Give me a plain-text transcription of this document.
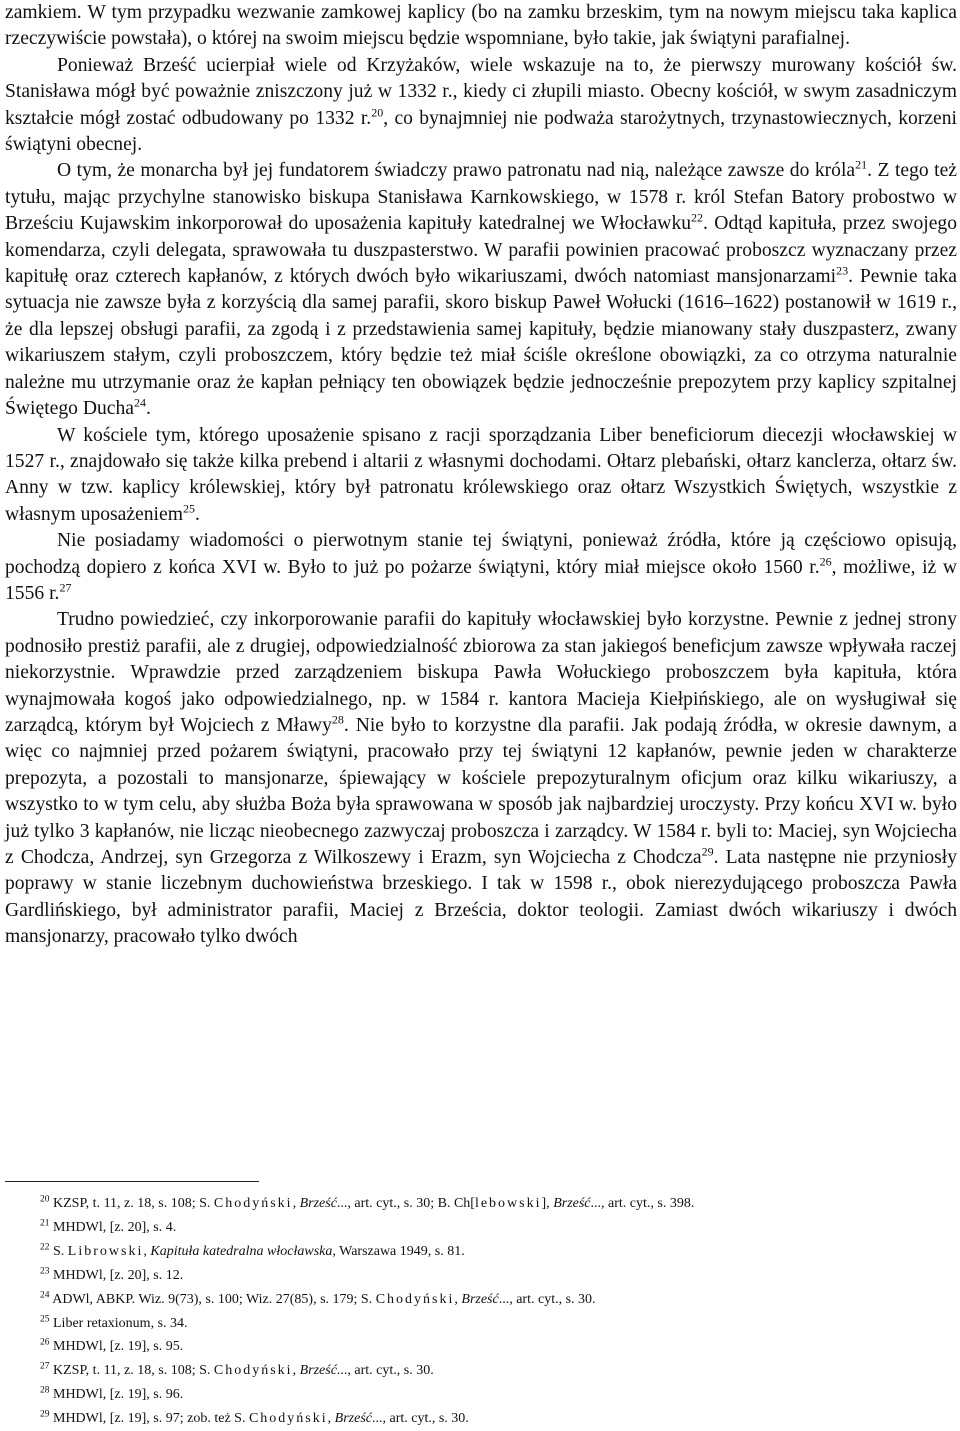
zamkiem. W tym przypadku wezwanie zamkowej kaplicy (bo na zamku brzeskim, tym na nowym miejscu taka kaplica rzeczywiście powstała), o której na swoim miejscu będzie wspomniane, było takie, jak świątyni parafialnej.

Ponieważ Brześć ucierpiał wiele od Krzyżaków, wiele wskazuje na to, że pierwszy murowany kościół św. Stanisława mógł być poważnie zniszczony już w 1332 r., kiedy ci złupili miasto. Obecny kościół, w swym zasadniczym kształcie mógł zostać odbudowany po 1332 r.$^{20}$, co bynajmniej nie podważa starożytnych, trzynastowiecznych, korzeni świątyni obecnej.

O tym, że monarcha był jej fundatorem świadczy prawo patronatu nad nią, należące zawsze do króla$^{21}$. Z tego też tytułu, mając przychylne stanowisko biskupa Stanisława Karnkowskiego, w 1578 r. król Stefan Batory probostwo w Brześciu Kujawskim inkorporował do uposażenia kapituły katedralnej we Włocławku$^{22}$. Odtąd kapituła, przez swojego komendarza, czyli delegata, sprawowała tu duszpasterstwo. W parafii powinien pracować proboszcz wyznaczany przez kapitułę oraz czterech kapłanów, z których dwóch było wikariuszami, dwóch natomiast mansjonarzami$^{23}$. Pewnie taka sytuacja nie zawsze była z korzyścią dla samej parafii, skoro biskup Paweł Wołucki (1616–1622) postanowił w 1619 r., że dla lepszej obsługi parafii, za zgodą i z przedstawienia samej kapituły, będzie mianowany stały duszpasterz, zwany wikariuszem stałym, czyli proboszczem, który będzie też miał ściśle określone obowiązki, za co otrzyma naturalnie należne mu utrzymanie oraz że kapłan pełniący ten obowiązek będzie jednocześnie prepozytem przy kaplicy szpitalnej Świętego Ducha$^{24}$.

W kościele tym, którego uposażenie spisano z racji sporządzania Liber beneficiorum diecezji włocławskiej w 1527 r., znajdowało się także kilka prebend i altarii z własnymi dochodami. Ołtarz plebański, ołtarz kanclerza, ołtarz św. Anny w tzw. kaplicy królewskiej, który był patronatu królewskiego oraz ołtarz Wszystkich Świętych, wszystkie z własnym uposażeniem$^{25}$.

Nie posiadamy wiadomości o pierwotnym stanie tej świątyni, ponieważ źródła, które ją częściowo opisują, pochodzą dopiero z końca XVI w. Było to już po pożarze świątyni, który miał miejsce około 1560 r.$^{26}$, możliwe, iż w 1556 r.$^{27}$

Trudno powiedzieć, czy inkorporowanie parafii do kapituły włocławskiej było korzystne. Pewnie z jednej strony podnosiło prestiż parafii, ale z drugiej, odpowiedzialność zbiorowa za stan jakiegoś beneficjum zawsze wpływała raczej niekorzystnie. Wprawdzie przed zarządzeniem biskupa Pawła Wołuckiego proboszczem była kapituła, która wynajmowała kogoś jako odpowiedzialnego, np. w 1584 r. kantora Macieja Kiełpińskiego, ale on wysługiwał się zarządcą, którym był Wojciech z Mławy$^{28}$. Nie było to korzystne dla parafii. Jak podają źródła, w okresie dawnym, a więc co najmniej przed pożarem świątyni, pracowało przy tej świątyni 12 kapłanów, pewnie jeden w charakterze prepozyta, a pozostali to mansjonarze, śpiewający w kościele prepozyturalnym oficjum oraz kilku wikariuszy, a wszystko to w tym celu, aby służba Boża była sprawowana w sposób jak najbardziej uroczysty. Przy końcu XVI w. było już tylko 3 kapłanów, nie licząc nieobecnego zazwyczaj proboszcza i zarządcy. W 1584 r. byli to: Maciej, syn Wojciecha z Chodcza, Andrzej, syn Grzegorza z Wilkoszewy i Erazm, syn Wojciecha z Chodcza$^{29}$. Lata następne nie przyniosły poprawy w stanie liczebnym duchowieństwa brzeskiego. I tak w 1598 r., obok nierezydującego proboszcza Pawła Gardlińskiego, był administrator parafii, Maciej z Brześcia, doktor teologii. Zamiast dwóch wikariuszy i dwóch mansjonarzy, pracowało tylko dwóch

$^{20}$ KZSP, t. 11, z. 18, s. 108; S. Chodyński, Brześć..., art. cyt., s. 30; B. Ch[lebowski], Brześć..., art. cyt., s. 398.

$^{21}$ MHDWl, [z. 20], s. 4.

$^{22}$ S. Librowski, Kapituła katedralna włocławska, Warszawa 1949, s. 81.

$^{23}$ MHDWl, [z. 20], s. 12.

$^{24}$ ADWl, ABKP. Wiz. 9(73), s. 100; Wiz. 27(85), s. 179; S. Chodyński, Brześć..., art. cyt., s. 30.

$^{25}$ Liber retaxionum, s. 34.

$^{26}$ MHDWl, [z. 19], s. 95.

$^{27}$ KZSP, t. 11, z. 18, s. 108; S. Chodyński, Brześć..., art. cyt., s. 30.

$^{28}$ MHDWl, [z. 19], s. 96.

$^{29}$ MHDWl, [z. 19], s. 97; zob. też S. Chodyński, Brześć..., art. cyt., s. 30.
